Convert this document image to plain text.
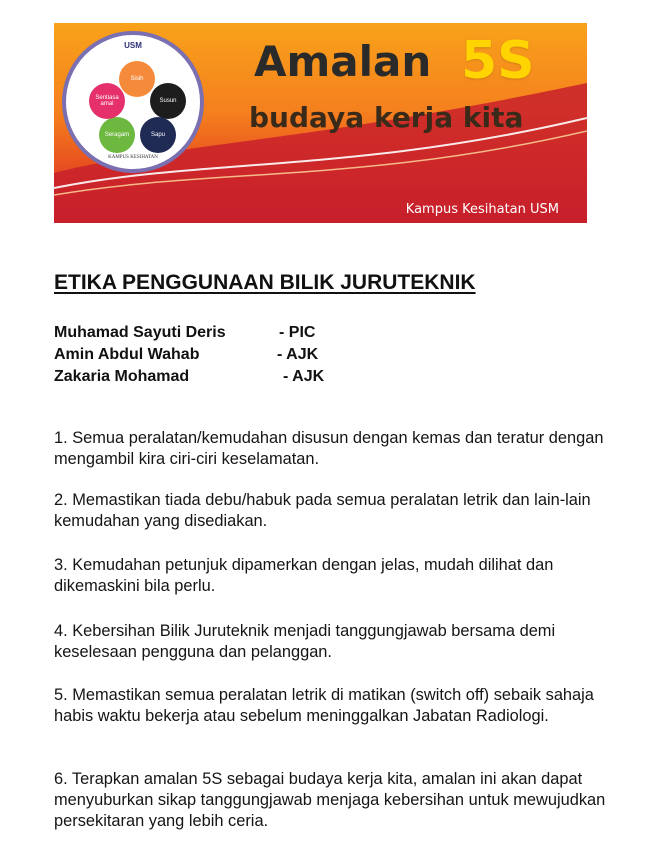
USM
Sisih
Susun
Sapu
Seragam
Sentiasa amal
KAMPUS KESIHATAN
Amalan 5S
budaya kerja kita
Kampus Kesihatan USM
ETIKA PENGGUNAAN BILIK JURUTEKNIK
Muhamad Sayuti Deris	- PIC
Amin Abdul Wahab	- AJK
Zakaria Mohamad	- AJK
1. Semua peralatan/kemudahan disusun dengan kemas dan teratur dengan mengambil kira ciri-ciri keselamatan.
2. Memastikan tiada debu/habuk pada semua peralatan letrik dan lain-lain kemudahan yang disediakan.
3. Kemudahan petunjuk dipamerkan dengan jelas, mudah dilihat dan dikemaskini bila perlu.
4. Kebersihan Bilik Juruteknik menjadi tanggungjawab bersama demi keselesaan pengguna dan pelanggan.
5. Memastikan semua peralatan letrik di matikan (switch off) sebaik sahaja habis waktu bekerja atau sebelum meninggalkan Jabatan Radiologi.
6. Terapkan amalan 5S sebagai budaya kerja kita, amalan ini akan dapat menyuburkan sikap tanggungjawab menjaga kebersihan untuk mewujudkan persekitaran yang lebih ceria.
